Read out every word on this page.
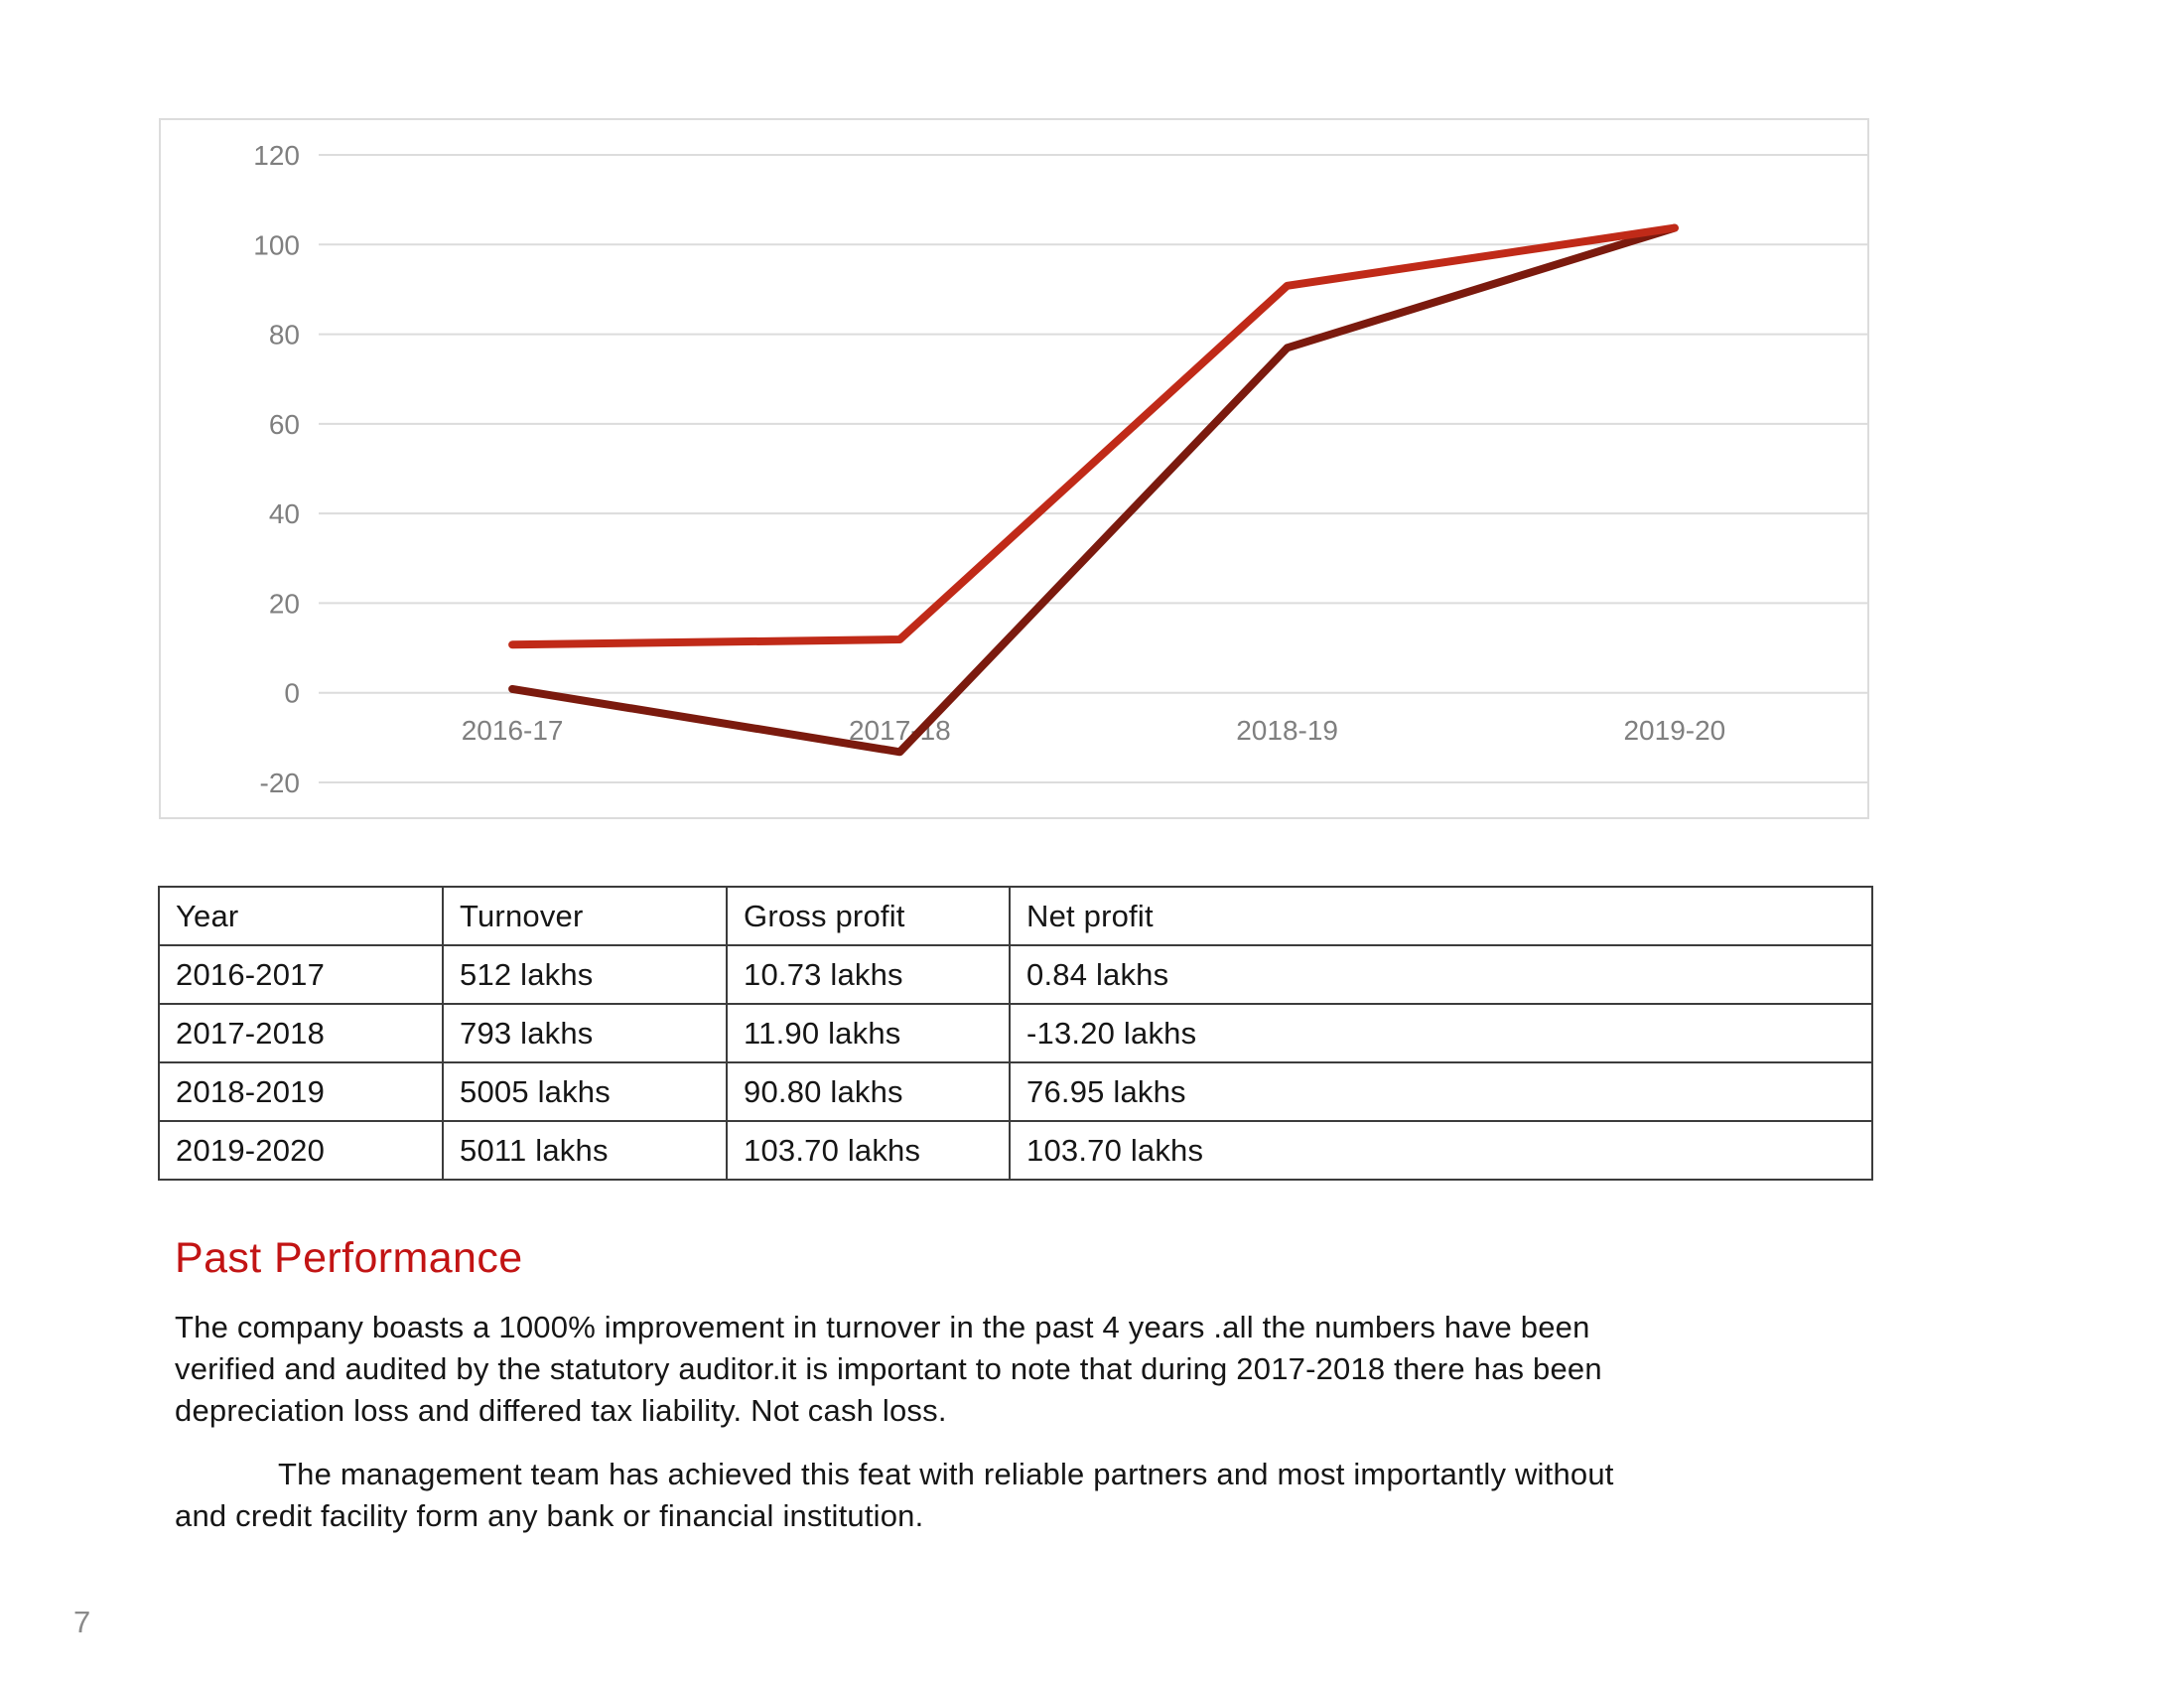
120
100
80
60
40
20
0
-20
2016-17	2017-18	2018-19	2019-20
Year	Turnover	Gross profit	Net profit
2016-2017	512 lakhs	10.73 lakhs	0.84 lakhs
2017-2018	793 lakhs	11.90 lakhs	-13.20 lakhs
2018-2019	5005 lakhs	90.80 lakhs	76.95 lakhs
2019-2020	5011 lakhs	103.70 lakhs	103.70 lakhs
Past Performance
The company boasts a 1000% improvement in turnover in the past 4 years .all the numbers have been
verified and audited by the statutory auditor.it is important to note that during 2017-2018 there has been
depreciation loss and differed tax liability. Not cash loss.
The management team has achieved this feat with reliable partners and most importantly without
and credit facility form any bank or financial institution.
7
